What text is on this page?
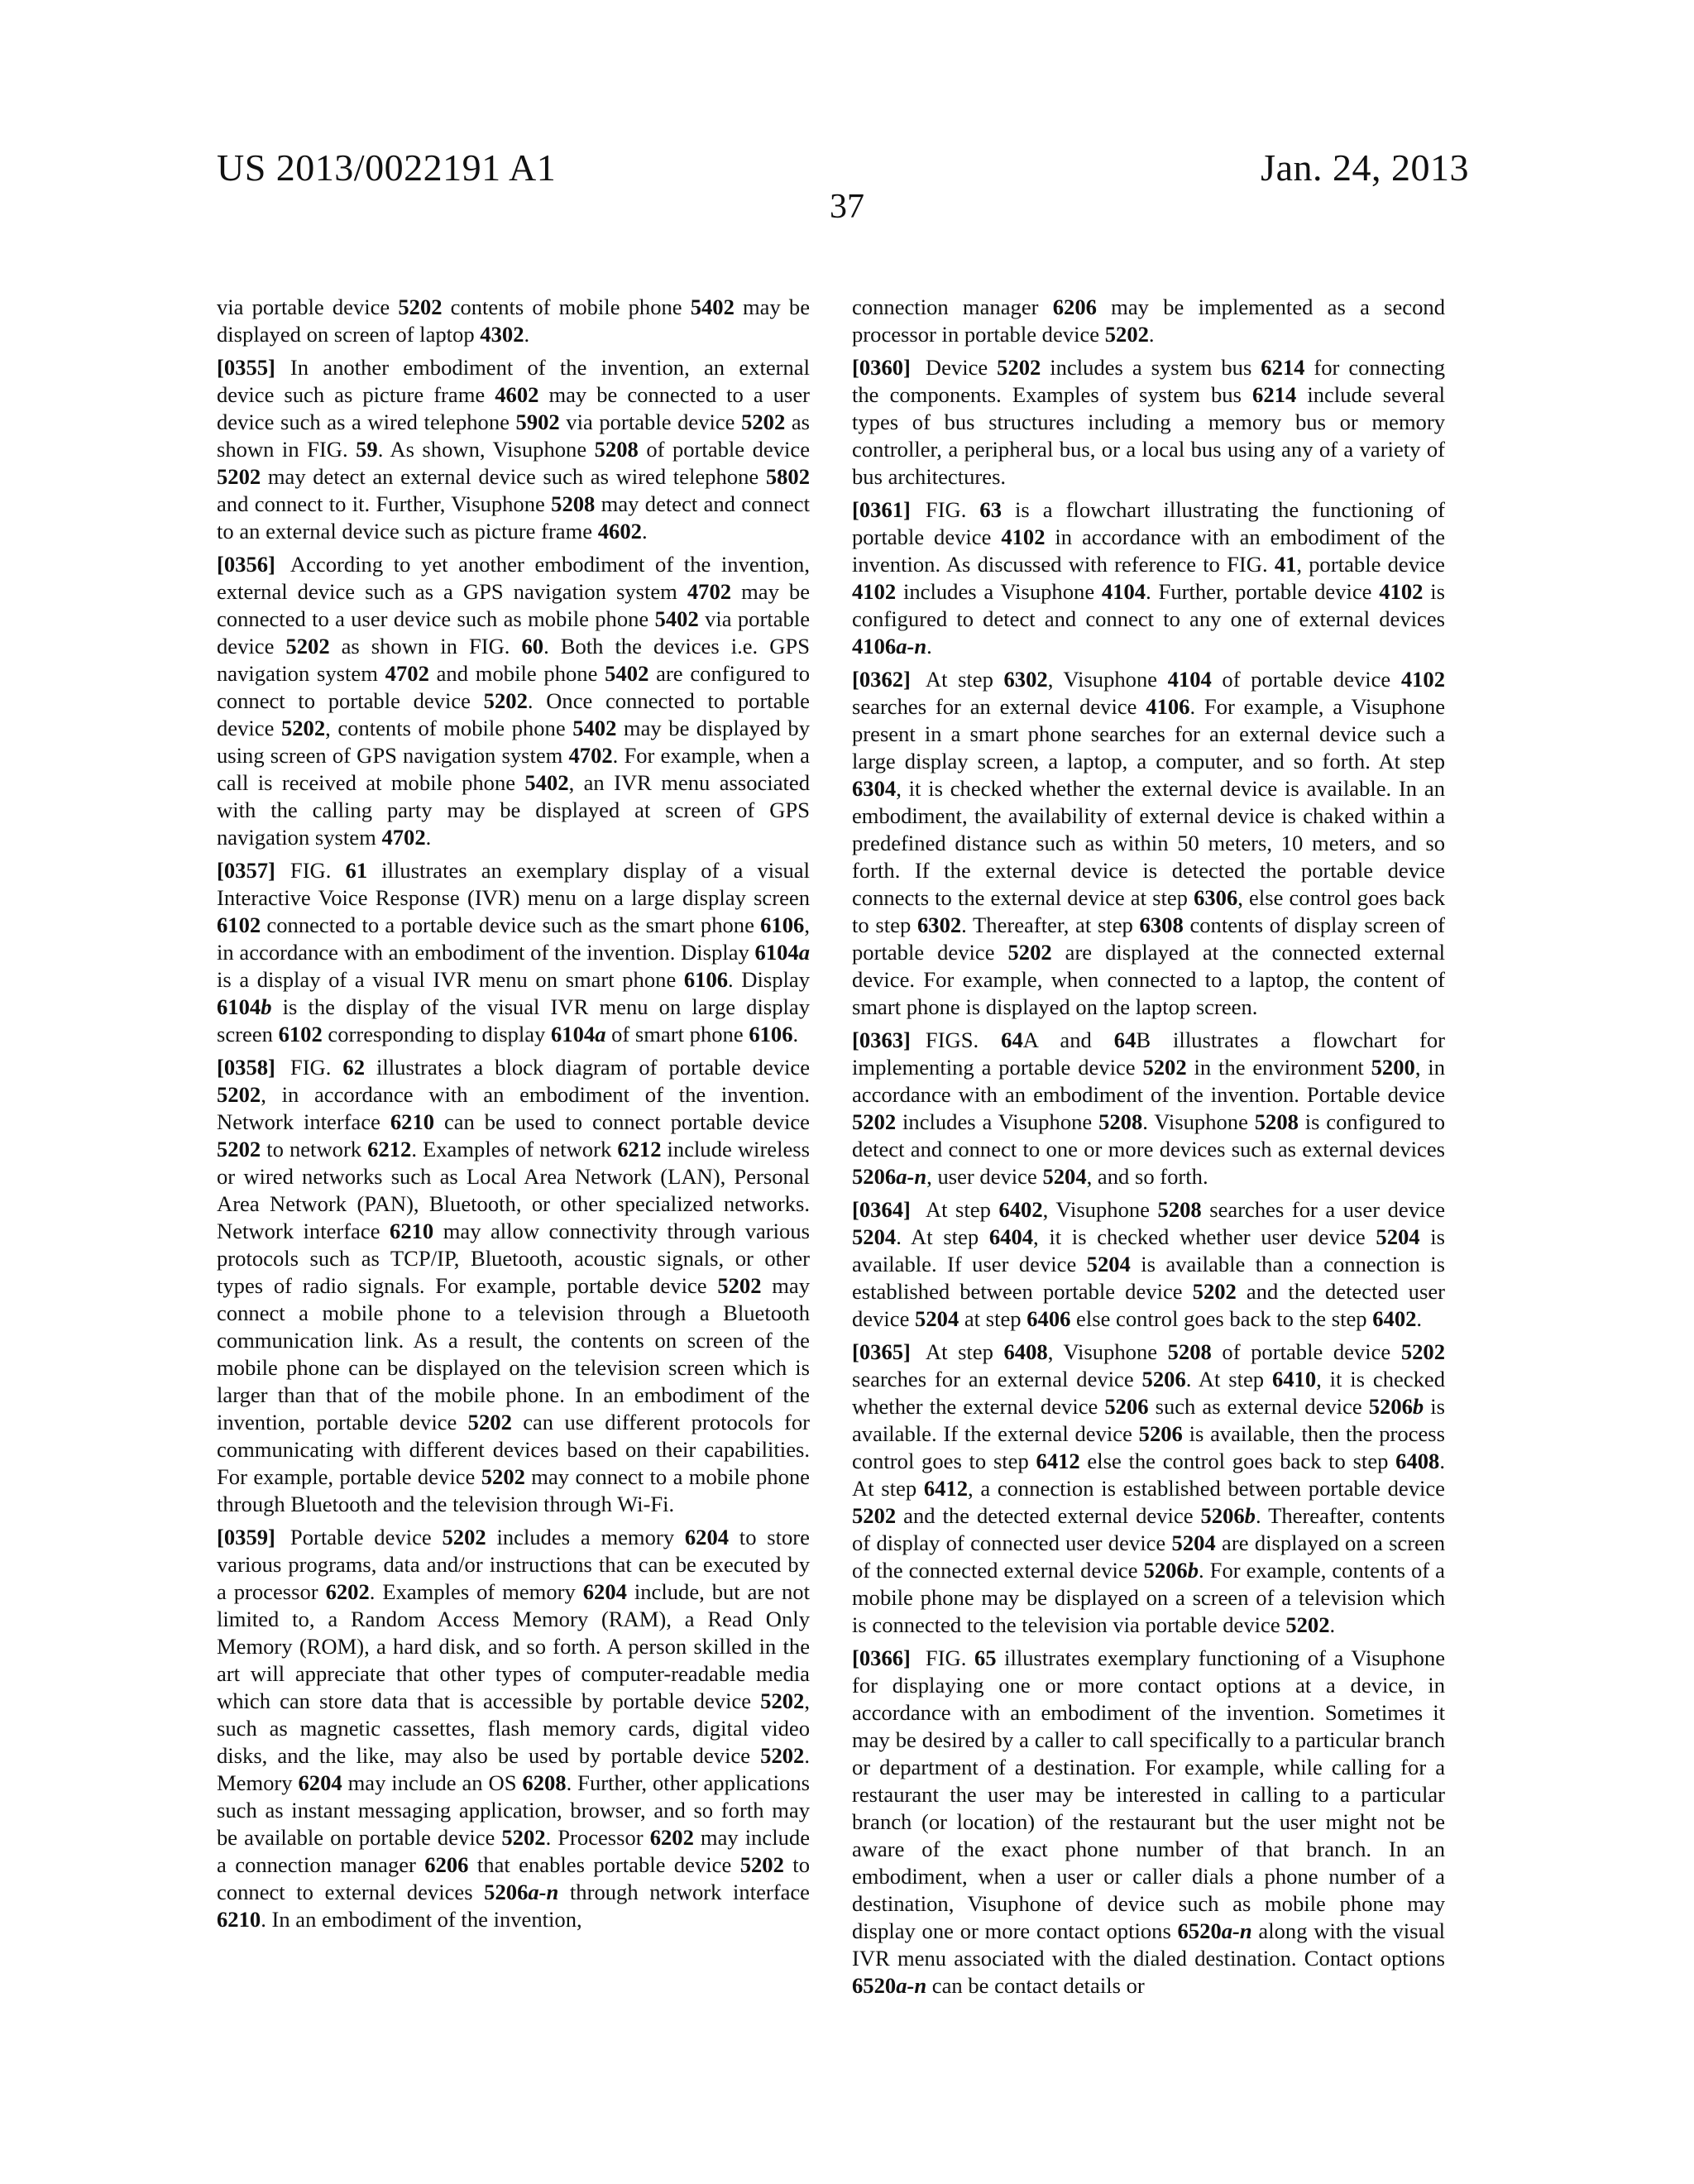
US 2013/0022191 A1	Jan. 24, 2013
37

via portable device 5202 contents of mobile phone 5402 may be displayed on screen of laptop 4302.

[0355] In another embodiment of the invention, an external device such as picture frame 4602 may be connected to a user device such as a wired telephone 5902 via portable device 5202 as shown in FIG. 59. As shown, Visuphone 5208 of portable device 5202 may detect an external device such as wired telephone 5802 and connect to it. Further, Visuphone 5208 may detect and connect to an external device such as picture frame 4602.

[0356] According to yet another embodiment of the invention, external device such as a GPS navigation system 4702 may be connected to a user device such as mobile phone 5402 via portable device 5202 as shown in FIG. 60. Both the devices i.e. GPS navigation system 4702 and mobile phone 5402 are configured to connect to portable device 5202. Once connected to portable device 5202, contents of mobile phone 5402 may be displayed by using screen of GPS navigation system 4702. For example, when a call is received at mobile phone 5402, an IVR menu associated with the calling party may be displayed at screen of GPS navigation system 4702.

[0357] FIG. 61 illustrates an exemplary display of a visual Interactive Voice Response (IVR) menu on a large display screen 6102 connected to a portable device such as the smart phone 6106, in accordance with an embodiment of the invention. Display 6104a is a display of a visual IVR menu on smart phone 6106. Display 6104b is the display of the visual IVR menu on large display screen 6102 corresponding to display 6104a of smart phone 6106.

[0358] FIG. 62 illustrates a block diagram of portable device 5202, in accordance with an embodiment of the invention. Network interface 6210 can be used to connect portable device 5202 to network 6212. Examples of network 6212 include wireless or wired networks such as Local Area Network (LAN), Personal Area Network (PAN), Bluetooth, or other specialized networks. Network interface 6210 may allow connectivity through various protocols such as TCP/IP, Bluetooth, acoustic signals, or other types of radio signals. For example, portable device 5202 may connect a mobile phone to a television through a Bluetooth communication link. As a result, the contents on screen of the mobile phone can be displayed on the television screen which is larger than that of the mobile phone. In an embodiment of the invention, portable device 5202 can use different protocols for communicating with different devices based on their capabilities. For example, portable device 5202 may connect to a mobile phone through Bluetooth and the television through Wi-Fi.

[0359] Portable device 5202 includes a memory 6204 to store various programs, data and/or instructions that can be executed by a processor 6202. Examples of memory 6204 include, but are not limited to, a Random Access Memory (RAM), a Read Only Memory (ROM), a hard disk, and so forth. A person skilled in the art will appreciate that other types of computer-readable media which can store data that is accessible by portable device 5202, such as magnetic cassettes, flash memory cards, digital video disks, and the like, may also be used by portable device 5202. Memory 6204 may include an OS 6208. Further, other applications such as instant messaging application, browser, and so forth may be available on portable device 5202. Processor 6202 may include a connection manager 6206 that enables portable device 5202 to connect to external devices 5206a-n through network interface 6210. In an embodiment of the invention,

connection manager 6206 may be implemented as a second processor in portable device 5202.

[0360] Device 5202 includes a system bus 6214 for connecting the components. Examples of system bus 6214 include several types of bus structures including a memory bus or memory controller, a peripheral bus, or a local bus using any of a variety of bus architectures.

[0361] FIG. 63 is a flowchart illustrating the functioning of portable device 4102 in accordance with an embodiment of the invention. As discussed with reference to FIG. 41, portable device 4102 includes a Visuphone 4104. Further, portable device 4102 is configured to detect and connect to any one of external devices 4106a-n.

[0362] At step 6302, Visuphone 4104 of portable device 4102 searches for an external device 4106. For example, a Visuphone present in a smart phone searches for an external device such a large display screen, a laptop, a computer, and so forth. At step 6304, it is checked whether the external device is available. In an embodiment, the availability of external device is chaked within a predefined distance such as within 50 meters, 10 meters, and so forth. If the external device is detected the portable device connects to the external device at step 6306, else control goes back to step 6302. Thereafter, at step 6308 contents of display screen of portable device 5202 are displayed at the connected external device. For example, when connected to a laptop, the content of smart phone is displayed on the laptop screen.

[0363] FIGS. 64A and 64B illustrates a flowchart for implementing a portable device 5202 in the environment 5200, in accordance with an embodiment of the invention. Portable device 5202 includes a Visuphone 5208. Visuphone 5208 is configured to detect and connect to one or more devices such as external devices 5206a-n, user device 5204, and so forth.

[0364] At step 6402, Visuphone 5208 searches for a user device 5204. At step 6404, it is checked whether user device 5204 is available. If user device 5204 is available than a connection is established between portable device 5202 and the detected user device 5204 at step 6406 else control goes back to the step 6402.

[0365] At step 6408, Visuphone 5208 of portable device 5202 searches for an external device 5206. At step 6410, it is checked whether the external device 5206 such as external device 5206b is available. If the external device 5206 is available, then the process control goes to step 6412 else the control goes back to step 6408. At step 6412, a connection is established between portable device 5202 and the detected external device 5206b. Thereafter, contents of display of connected user device 5204 are displayed on a screen of the connected external device 5206b. For example, contents of a mobile phone may be displayed on a screen of a television which is connected to the television via portable device 5202.

[0366] FIG. 65 illustrates exemplary functioning of a Visuphone for displaying one or more contact options at a device, in accordance with an embodiment of the invention. Sometimes it may be desired by a caller to call specifically to a particular branch or department of a destination. For example, while calling for a restaurant the user may be interested in calling to a particular branch (or location) of the restaurant but the user might not be aware of the exact phone number of that branch. In an embodiment, when a user or caller dials a phone number of a destination, Visuphone of device such as mobile phone may display one or more contact options 6520a-n along with the visual IVR menu associated with the dialed destination. Contact options 6520a-n can be contact details or
